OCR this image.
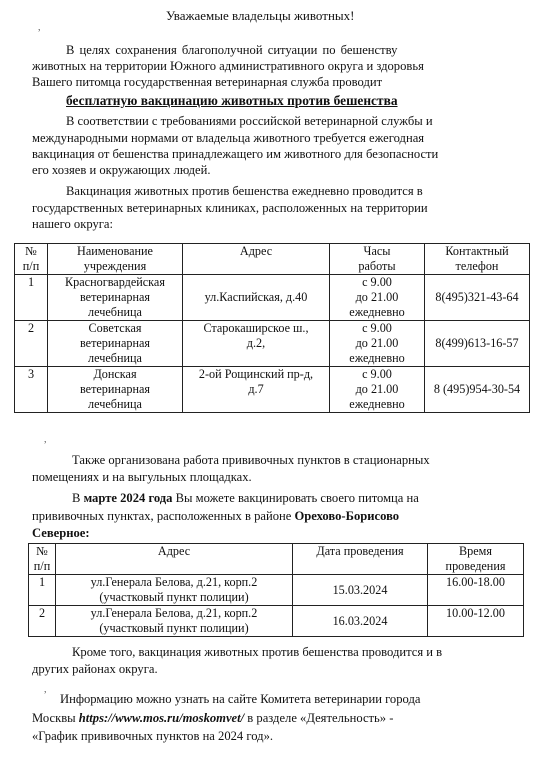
Уважаемые владельцы животных!
,
В целях сохранения благополучной ситуации по бешенству
животных на территории Южного административного округа и здоровья
Вашего питомца государственная ветеринарная служба проводит
бесплатную вакцинацию животных против бешенства
В соответствии с требованиями российской ветеринарной службы и
международными нормами от владельца животного требуется ежегодная
вакцинация от бешенства принадлежащего им животного для безопасности
его хозяев и окружающих людей.
Вакцинация животных против бешенства ежедневно проводится в
государственных ветеринарных клиниках, расположенных на территории
нашего округа:
№
п/п	Наименование
учреждения	Адрес	Часы
работы	Контактный
телефон
1	Красногвардейская
ветеринарная
лечебница	ул.Каспийская, д.40	с 9.00
до 21.00
ежедневно	8(495)321-43-64
2	Советская
ветеринарная
лечебница	Старокаширское ш.,
д.2,	с 9.00
до 21.00
ежедневно	8(499)613-16-57
3	Донская
ветеринарная
лечебница	2-ой Рощинский пр-д,
д.7	с 9.00
до 21.00
ежедневно	8 (495)954-30-54
,
Также организована работа прививочных пунктов в стационарных
помещениях и на выгульных площадках.
В марте 2024 года Вы можете вакцинировать своего питомца на
прививочных пунктах, расположенных в районе Орехово-Борисово
Северное:
№
п/п	Адрес	Дата проведения	Время
проведения
1	ул.Генерала Белова, д.21, корп.2
(участковый пункт полиции)	15.03.2024	16.00-18.00
2	ул.Генерала Белова, д.21, корп.2
(участковый пункт полиции)	16.03.2024	10.00-12.00
Кроме того, вакцинация животных против бешенства проводится и в
других районах округа.
,
Информацию можно узнать на сайте Комитета ветеринарии города
Москвы https://www.mos.ru/moskomvet/ в разделе «Деятельность» -
«График прививочных пунктов на 2024 год».
